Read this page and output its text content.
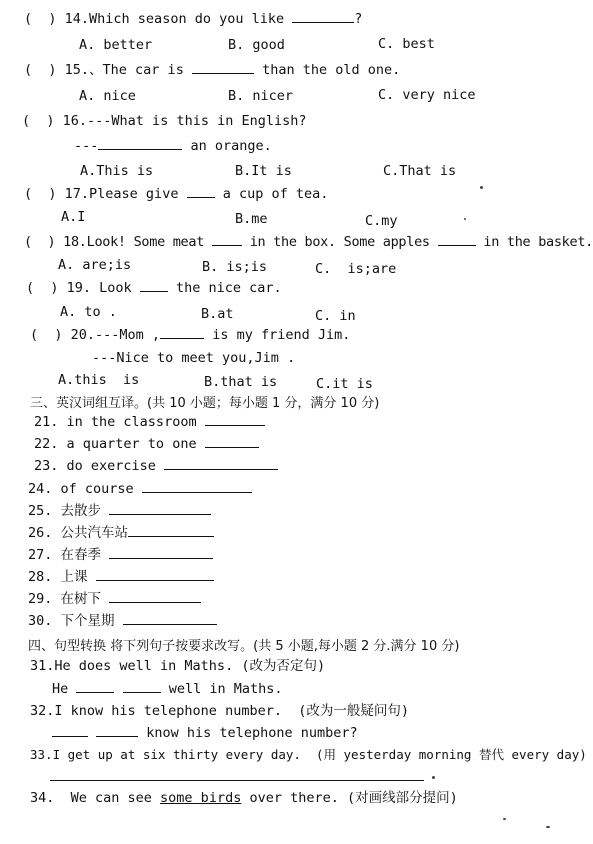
(  ) 14.Which season do you like	?
A. better	B. good	C. best
(  ) 15.、The car is	than the old one.
A. nice	B. nicer	C. very nice
(  ) 16.---What is this in English?
---	an orange.
A.This is	B.It is	C.That is
(  ) 17.Please give  a cup of tea.
A.I	B.me	C.my
(  ) 18.Look! Some meat  in the box. Some apples	in the basket.
A. are;is	B. is;is	C.  is;are
(  ) 19. Look  the nice car.
A. to .	B.at	C. in
(  ) 20.---Mom ,	is my friend Jim.
---Nice to meet you,Jim .
A.this  is	B.that is	C.it is
三、英汉词组互译。(共 10 小题；每小题 1 分，满分 10 分)
21. in the classroom
22. a quarter to one
23. do exercise
24. of course
25. 去散步
26. 公共汽车站
27. 在春季
28. 上课
29. 在树下
30. 下个星期
四、句型转换 将下列句子按要求改写。(共 5 小题,每小题 2 分.满分 10 分)
31.He does well in Maths. (改为否定句)
He	well in Maths.
32.I know his telephone number.  (改为一般疑问句)
know his telephone number?
33.I get up at six thirty every day.  (用 yesterday morning 替代 every day)
34.  We can see some birds over there. (对画线部分提问)
